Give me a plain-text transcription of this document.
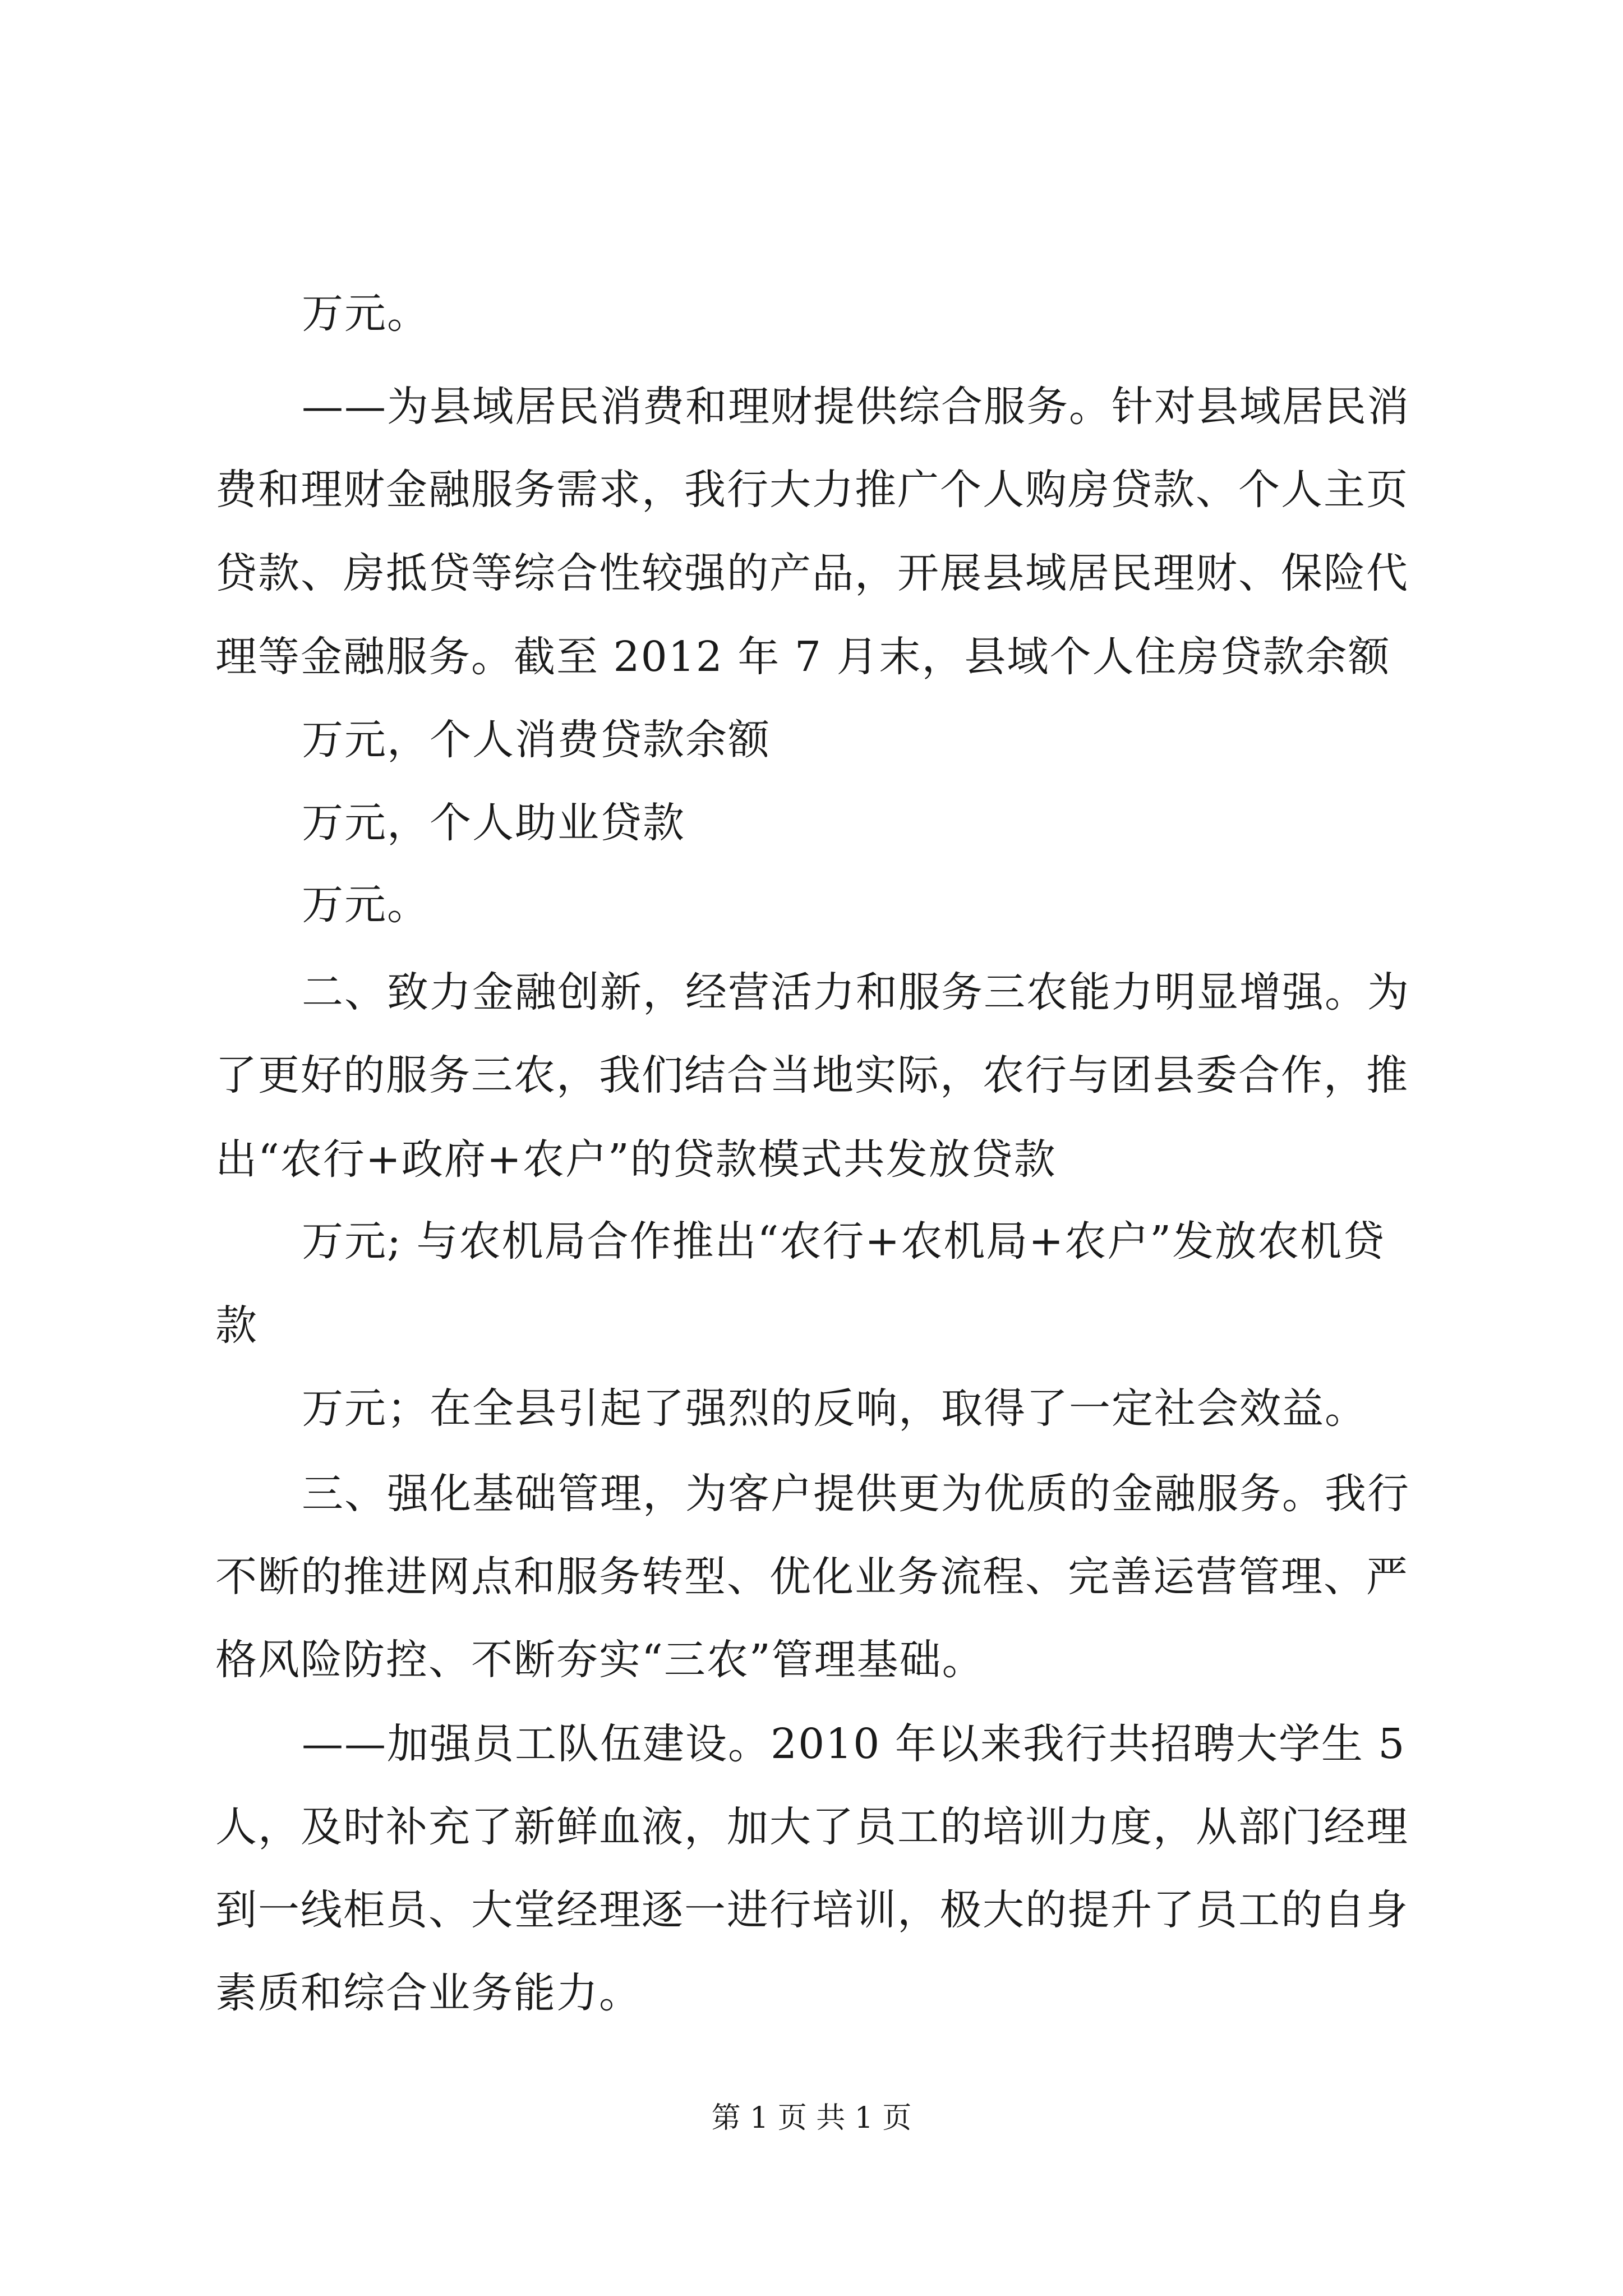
万元。
——为县域居民消费和理财提供综合服务。针对县域居民消
费和理财金融服务需求，我行大力推广个人购房贷款、个人主页
贷款、房抵贷等综合性较强的产品，开展县域居民理财、保险代
理等金融服务。截至 2012 年 7 月末，县域个人住房贷款余额
万元，个人消费贷款余额
万元，个人助业贷款
万元。
二、致力金融创新，经营活力和服务三农能力明显增强。为
了更好的服务三农，我们结合当地实际，农行与团县委合作，推
出“农行+政府+农户”的贷款模式共发放贷款
万元; 与农机局合作推出“农行+农机局+农户”发放农机贷
款
万元；在全县引起了强烈的反响，取得了一定社会效益。
三、强化基础管理，为客户提供更为优质的金融服务。我行
不断的推进网点和服务转型、优化业务流程、完善运营管理、严
格风险防控、不断夯实“三农”管理基础。
——加强员工队伍建设。2010 年以来我行共招聘大学生 5
人，及时补充了新鲜血液，加大了员工的培训力度，从部门经理
到一线柜员、大堂经理逐一进行培训，极大的提升了员工的自身
素质和综合业务能力。
第 1 页 共 1 页
